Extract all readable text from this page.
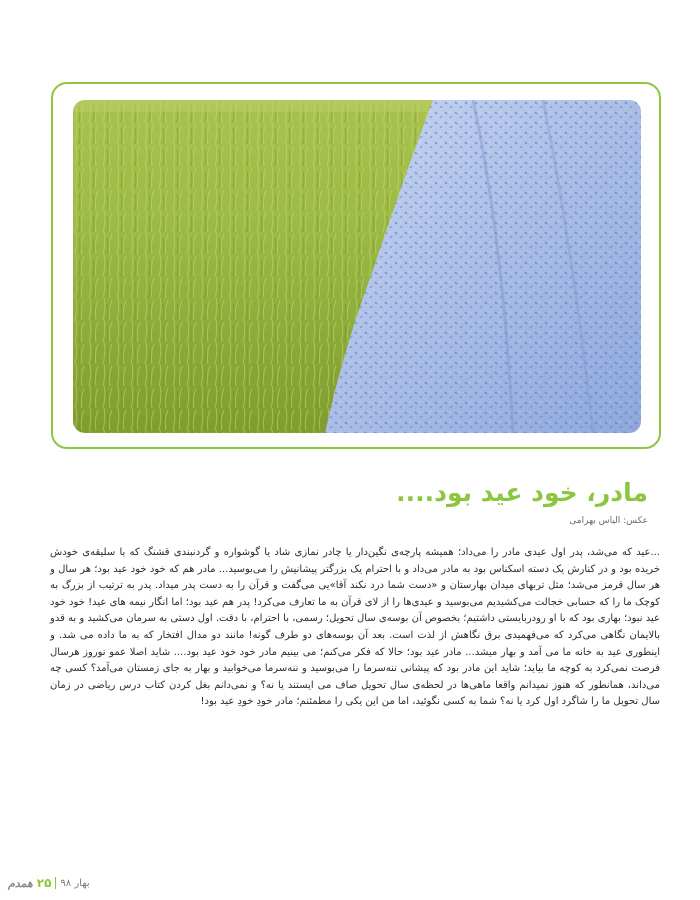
مادر، خود عید بود....
عکس: الیاس بهرامی
...عید که می‌شد، پدر اول عیدی مادر را می‌داد؛ همیشه پارچه‌ی نگین‌دار یا چادر نمازی شاد یا گوشواره و گردنبندی قشنگ که با سلیقه‌ی خودش خریده بود و در کنارش یک دسته اسکناس بود به مادر می‌داد و با احترام یک بزرگتر پیشانیش را می‌بوسید... مادر هم که خود خود عید بود؛ هر سال و هر سال قرمز می‌شد؛ مثل تربهای میدان بهارستان و «دست شما درد نکند آقا»یی می‌گفت و قرآن را به دست پدر میداد. پدر به ترتیب از بزرگ به کوچک ما را که حسابی خجالت می‌کشیدیم می‌بوسید و عیدی‌ها را از لای قرآن به ما تعارف می‌کرد! پدر هم عید بود؛ اما انگار نیمه های عید! خود خود عید نبود؛ بهاری بود که با او رودربایستی داشتیم؛ بخصوص آن بوسه‌ی سال تحویل؛ رسمی، با احترام، با دقت. اول دستی به سرمان می‌کشید و به قدو بالایمان نگاهی می‌کرد که می‌فهمیدی برق نگاهش از لذت است. بعد آن بوسه‌های دو طرف گونه! مانند دو مدال افتخار که به ما داده می شد. و اینطوری عید به خانه ما می آمد و بهار میشد... مادر عید بود؛ حالا که فکر می‌کنم؛ می بینیم مادر خود خود عید بود.... شاید اصلا عمو نوروز هرسال فرصت نمی‌کرد به کوچه ما بیاید؛ شاید این مادر بود که پیشانی ننه‌سرما را می‌بوسید و ننه‌سرما می‌خوابید و بهار به جای زمستان می‌آمد؟ کسی چه می‌داند، همانطور که هنوز نمیدانم واقعا ماهی‌ها در لحظه‌ی سال تحویل صاف می ایستند یا نه؟ و نمی‌دانم بغل کردن کتاب درس ریاضی در زمان سال تحویل ما را شاگرد اول کرد یا نه؟ شما به کسی نگوئید، اما من این یکی را مطمئنم؛ مادر خودِ خودِ عید بود!
همدم ۲۵ بهار ۹۸
